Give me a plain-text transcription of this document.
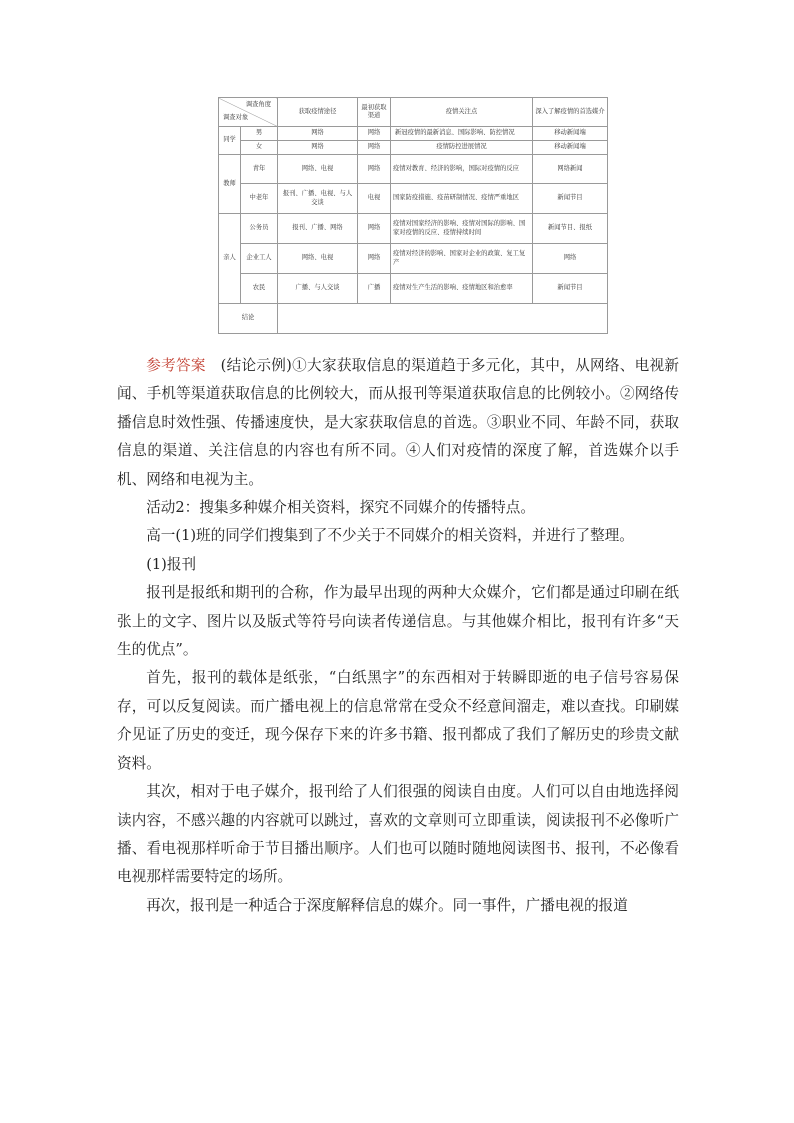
调查角度
调查对象		获取疫情途径	最初获取渠道	疫情关注点	深入了解疫情的首选媒介
同学	男	网络	网络	新冠疫情的最新消息、国际影响、防控情况	移动新闻端
	女	网络	网络	疫情防控进展情况	移动新闻端
教师	青年	网络、电视	网络	疫情对教育、经济的影响，国际对疫情的反应	网络新闻
	中老年	报刊、广播、电视、与人交谈	电视	国家防疫措施、疫苗研制情况、疫情严重地区	新闻节目
亲人	公务员	报刊、广播、网络	网络	疫情对国家经济的影响、疫情对国际的影响、国家对疫情的反应、疫情持续时间	新闻节目、报纸
	企业工人	网络、电视	网络	疫情对经济的影响、国家对企业的政策、复工复产	网络
	农民	广播、与人交谈	广播	疫情对生产生活的影响、疫情地区和治愈率	新闻节目
结论					

参考答案　(结论示例)①大家获取信息的渠道趋于多元化，其中，从网络、电视新闻、手机等渠道获取信息的比例较大，而从报刊等渠道获取信息的比例较小。②网络传播信息时效性强、传播速度快，是大家获取信息的首选。③职业不同、年龄不同，获取信息的渠道、关注信息的内容也有所不同。④人们对疫情的深度了解，首选媒介以手机、网络和电视为主。

活动2：搜集多种媒介相关资料，探究不同媒介的传播特点。

高一(1)班的同学们搜集到了不少关于不同媒介的相关资料，并进行了整理。

(1)报刊

报刊是报纸和期刊的合称，作为最早出现的两种大众媒介，它们都是通过印刷在纸张上的文字、图片以及版式等符号向读者传递信息。与其他媒介相比，报刊有许多“天生的优点”。

首先，报刊的载体是纸张，“白纸黑字”的东西相对于转瞬即逝的电子信号容易保存，可以反复阅读。而广播电视上的信息常常在受众不经意间溜走，难以查找。印刷媒介见证了历史的变迁，现今保存下来的许多书籍、报刊都成了我们了解历史的珍贵文献资料。

其次，相对于电子媒介，报刊给了人们很强的阅读自由度。人们可以自由地选择阅读内容，不感兴趣的内容就可以跳过，喜欢的文章则可立即重读，阅读报刊不必像听广播、看电视那样听命于节目播出顺序。人们也可以随时随地阅读图书、报刊，不必像看电视那样需要特定的场所。

再次，报刊是一种适合于深度解释信息的媒介。同一事件，广播电视的报道
